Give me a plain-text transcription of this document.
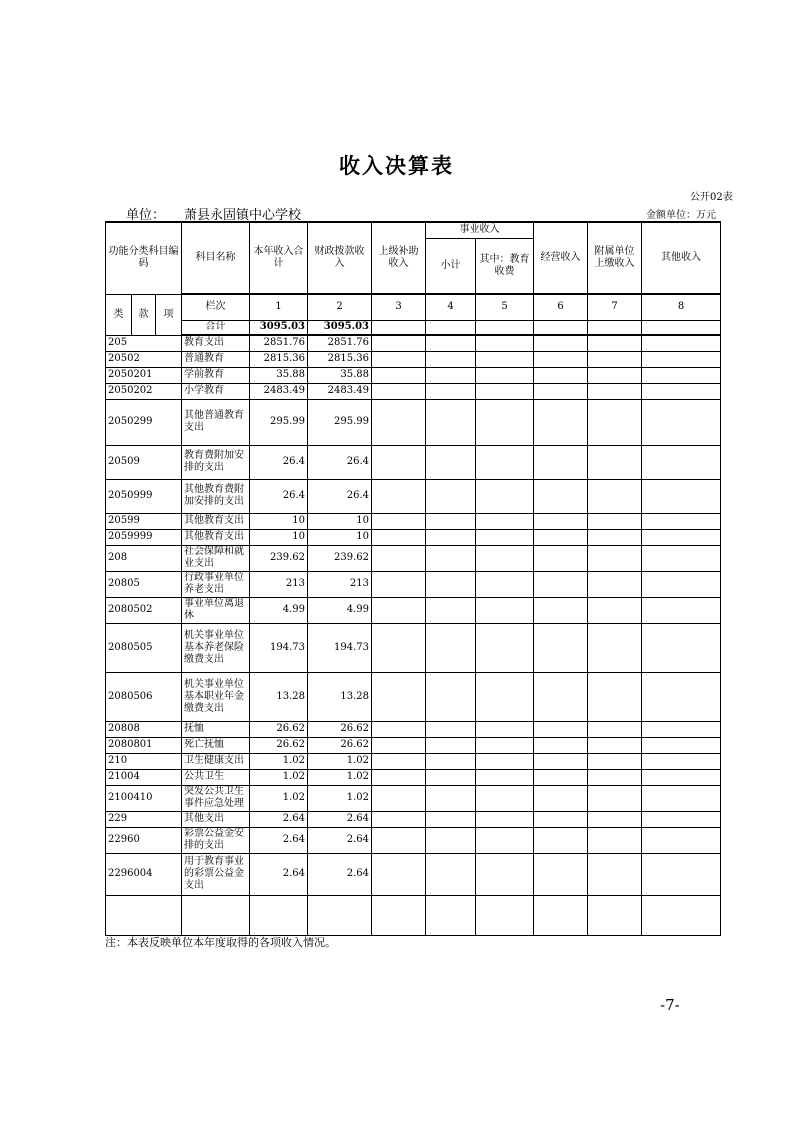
收入决算表
公开02表
单位： 萧县永固镇中心学校	金额单位：万元
功能分类科目编码			科目名称	本年收入合计	财政拨款收入	上级补助收入	事业收入		经营收入	附属单位上缴收入	其他收入
							小计	其中：教育收费			
类	款	项	栏次	1	2	3	4	5	6	7	8
			合计	3095.03	3095.03						
205			教育支出	2851.76	2851.76						
20502			普通教育	2815.36	2815.36						
2050201			学前教育	35.88	35.88						
2050202			小学教育	2483.49	2483.49						
2050299			其他普通教育支出	295.99	295.99						
20509			教育费附加安排的支出	26.4	26.4						
2050999			其他教育费附加安排的支出	26.4	26.4						
20599			其他教育支出	10	10						
2059999			其他教育支出	10	10						
208			社会保障和就业支出	239.62	239.62						
20805			行政事业单位养老支出	213	213						
2080502			事业单位离退休	4.99	4.99						
2080505			机关事业单位基本养老保险缴费支出	194.73	194.73						
2080506			机关事业单位基本职业年金缴费支出	13.28	13.28						
20808			抚恤	26.62	26.62						
2080801			死亡抚恤	26.62	26.62						
210			卫生健康支出	1.02	1.02						
21004			公共卫生	1.02	1.02						
2100410			突发公共卫生事件应急处理	1.02	1.02						
229			其他支出	2.64	2.64						
22960			彩票公益金安排的支出	2.64	2.64						
2296004			用于教育事业的彩票公益金支出	2.64	2.64						

注：本表反映单位本年度取得的各项收入情况。
-7-
